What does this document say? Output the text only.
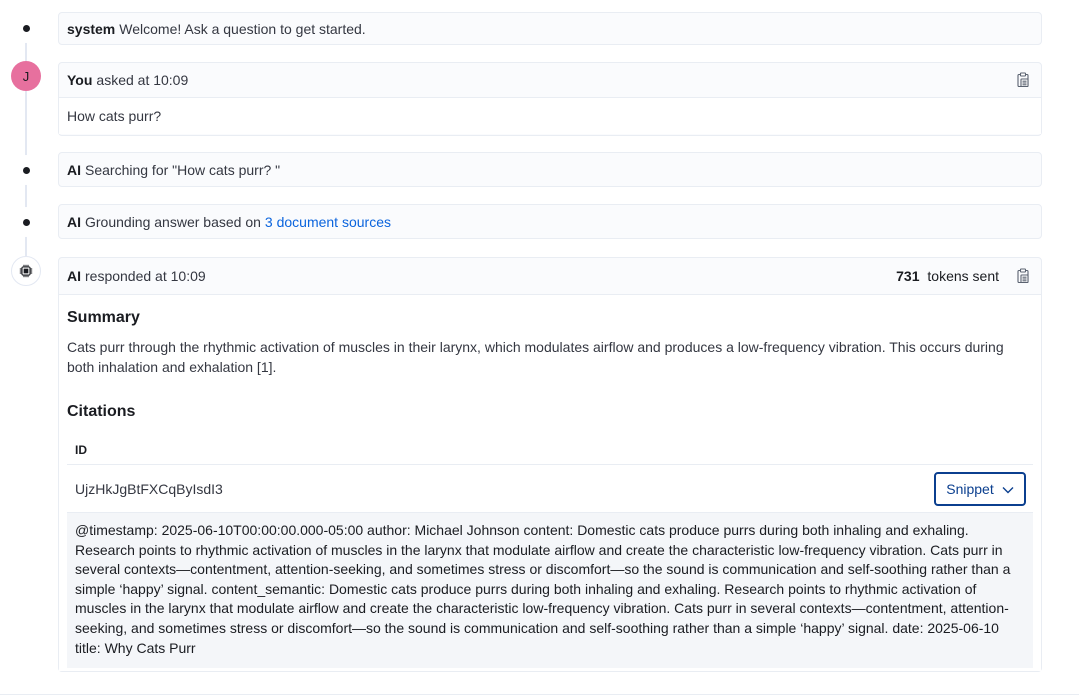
system Welcome! Ask a question to get started.
J	You asked at 10:09
How cats purr?
AI Searching for "How cats purr? "
AI Grounding answer based on 3 document sources
AI responded at 10:09	731 tokens sent
Summary
Cats purr through the rhythmic activation of muscles in their larynx, which modulates airflow and produces a low-frequency vibration. This occurs during both inhalation and exhalation [1].
Citations
ID
UjzHkJgBtFXCqByIsdI3	Snippet
@timestamp: 2025-06-10T00:00:00.000-05:00 author: Michael Johnson content: Domestic cats produce purrs during both inhaling and exhaling. Research points to rhythmic activation of muscles in the larynx that modulate airflow and create the characteristic low-frequency vibration. Cats purr in several contexts—contentment, attention-seeking, and sometimes stress or discomfort—so the sound is communication and self-soothing rather than a simple ‘happy’ signal. content_semantic: Domestic cats produce purrs during both inhaling and exhaling. Research points to rhythmic activation of muscles in the larynx that modulate airflow and create the characteristic low-frequency vibration. Cats purr in several contexts—contentment, attention-seeking, and sometimes stress or discomfort—so the sound is communication and self-soothing rather than a simple ‘happy’ signal. date: 2025-06-10 title: Why Cats Purr
